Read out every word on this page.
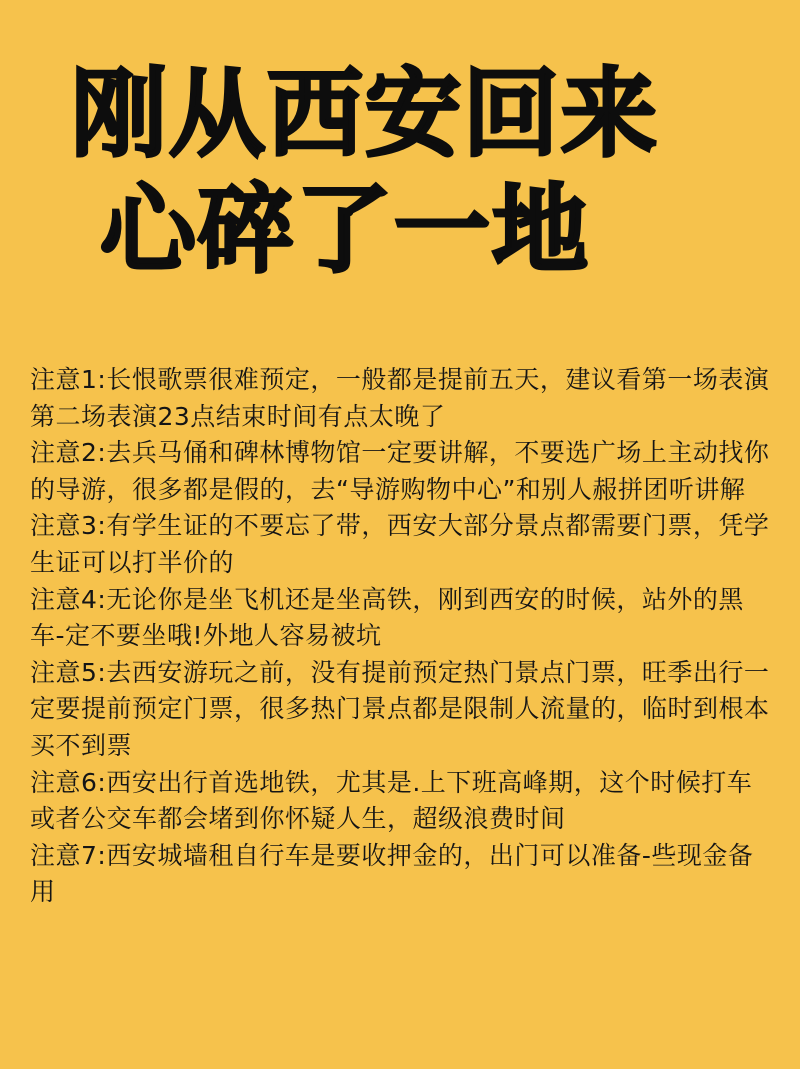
刚从西安回来
心碎了一地

注意1:长恨歌票很难预定，一般都是提前五天，建议看第一场表演第二场表演23点结束时间有点太晚了

注意2:去兵马俑和碑林博物馆一定要讲解，不要选广场上主动找你的导游，很多都是假的，去“导游购物中心”和别人赧拼团听讲解

注意3:有学生证的不要忘了带，西安大部分景点都需要门票，凭学生证可以打半价的

注意4:无论你是坐飞机还是坐高铁，刚到西安的时候，站外的黑车-定不要坐哦!外地人容易被坑

注意5:去西安游玩之前，没有提前预定热门景点门票，旺季出行一定要提前预定门票，很多热门景点都是限制人流量的，临时到根本买不到票

注意6:西安出行首选地铁，尤其是.上下班高峰期，这个时候打车或者公交车都会堵到你怀疑人生，超级浪费时间

注意7:西安城墙租自行车是要收押金的，出门可以准备-些现金备用
